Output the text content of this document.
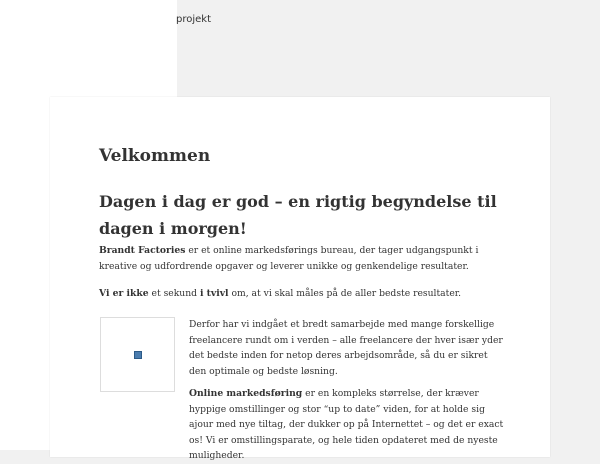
projekt
Velkommen
Dagen i dag er god – en rigtig begyndelse til dagen i morgen!

Brandt Factories er et online markedsførings bureau, der tager udgangspunkt i kreative og udfordrende opgaver og leverer unikke og genkendelige resultater.

Vi er ikke et sekund i tvivl om, at vi skal måles på de aller bedste resultater.

Derfor har vi indgået et bredt samarbejde med mange forskellige freelancere rundt om i verden – alle freelancere der hver især yder det bedste inden for netop deres arbejdsområde, så du er sikret den optimale og bedste løsning.

Online markedsføring er en kompleks størrelse, der kræver hyppige omstillinger og stor “up to date” viden, for at holde sig ajour med nye tiltag, der dukker op på Internettet – og det er exact os! Vi er omstillingsparate, og hele tiden opdateret med de nyeste muligheder.
